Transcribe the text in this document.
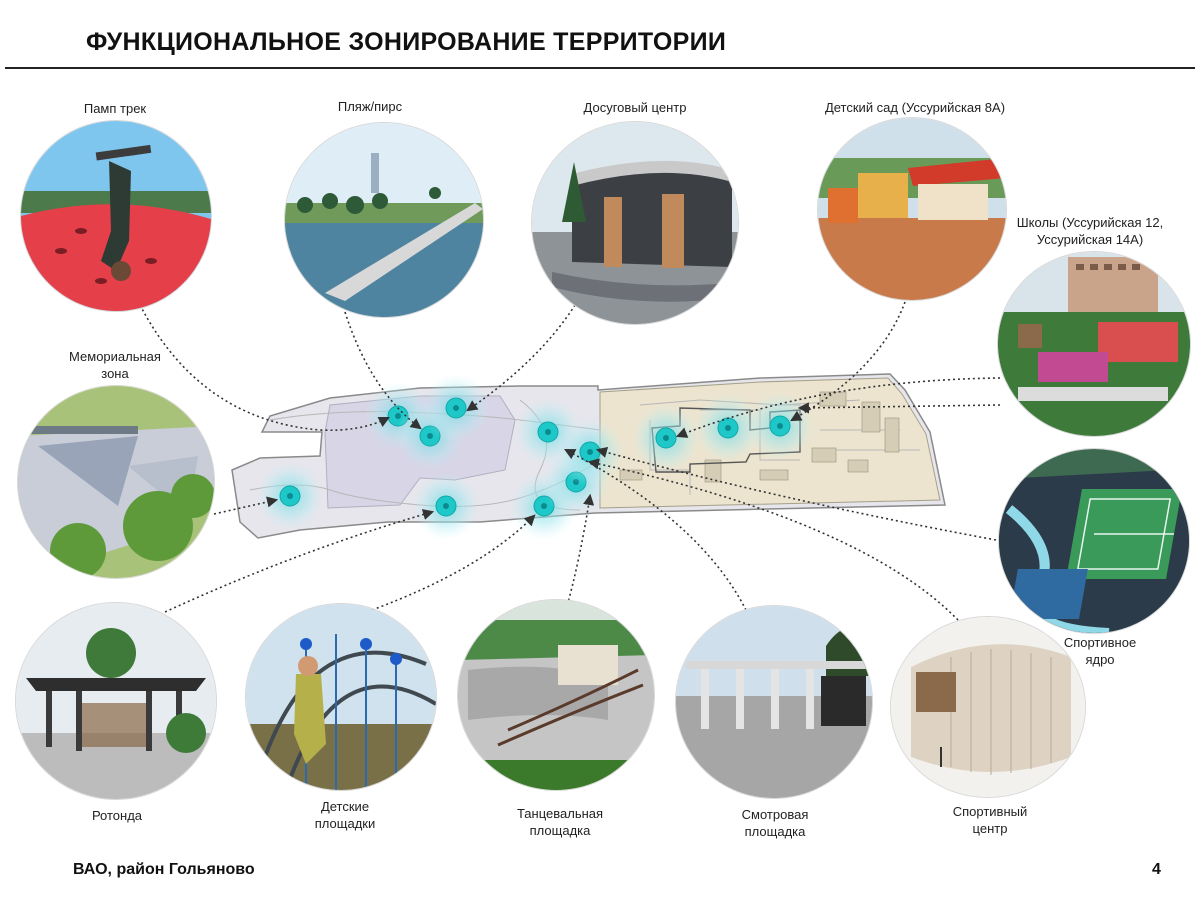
ФУНКЦИОНАЛЬНОЕ ЗОНИРОВАНИЕ ТЕРРИТОРИИ
Памп трек	Пляж/пирс	Досуговый центр	Детский сад (Уссурийская 8А)
Школы (Уссурийская 12,
Уссурийская 14А)
Мемориальная
зона
Спортивное
ядро
Ротонда
Детские
площадки
Танцевальная
площадка
Смотровая
площадка
Спортивный
центр
ВАО, район Гольяново	4
